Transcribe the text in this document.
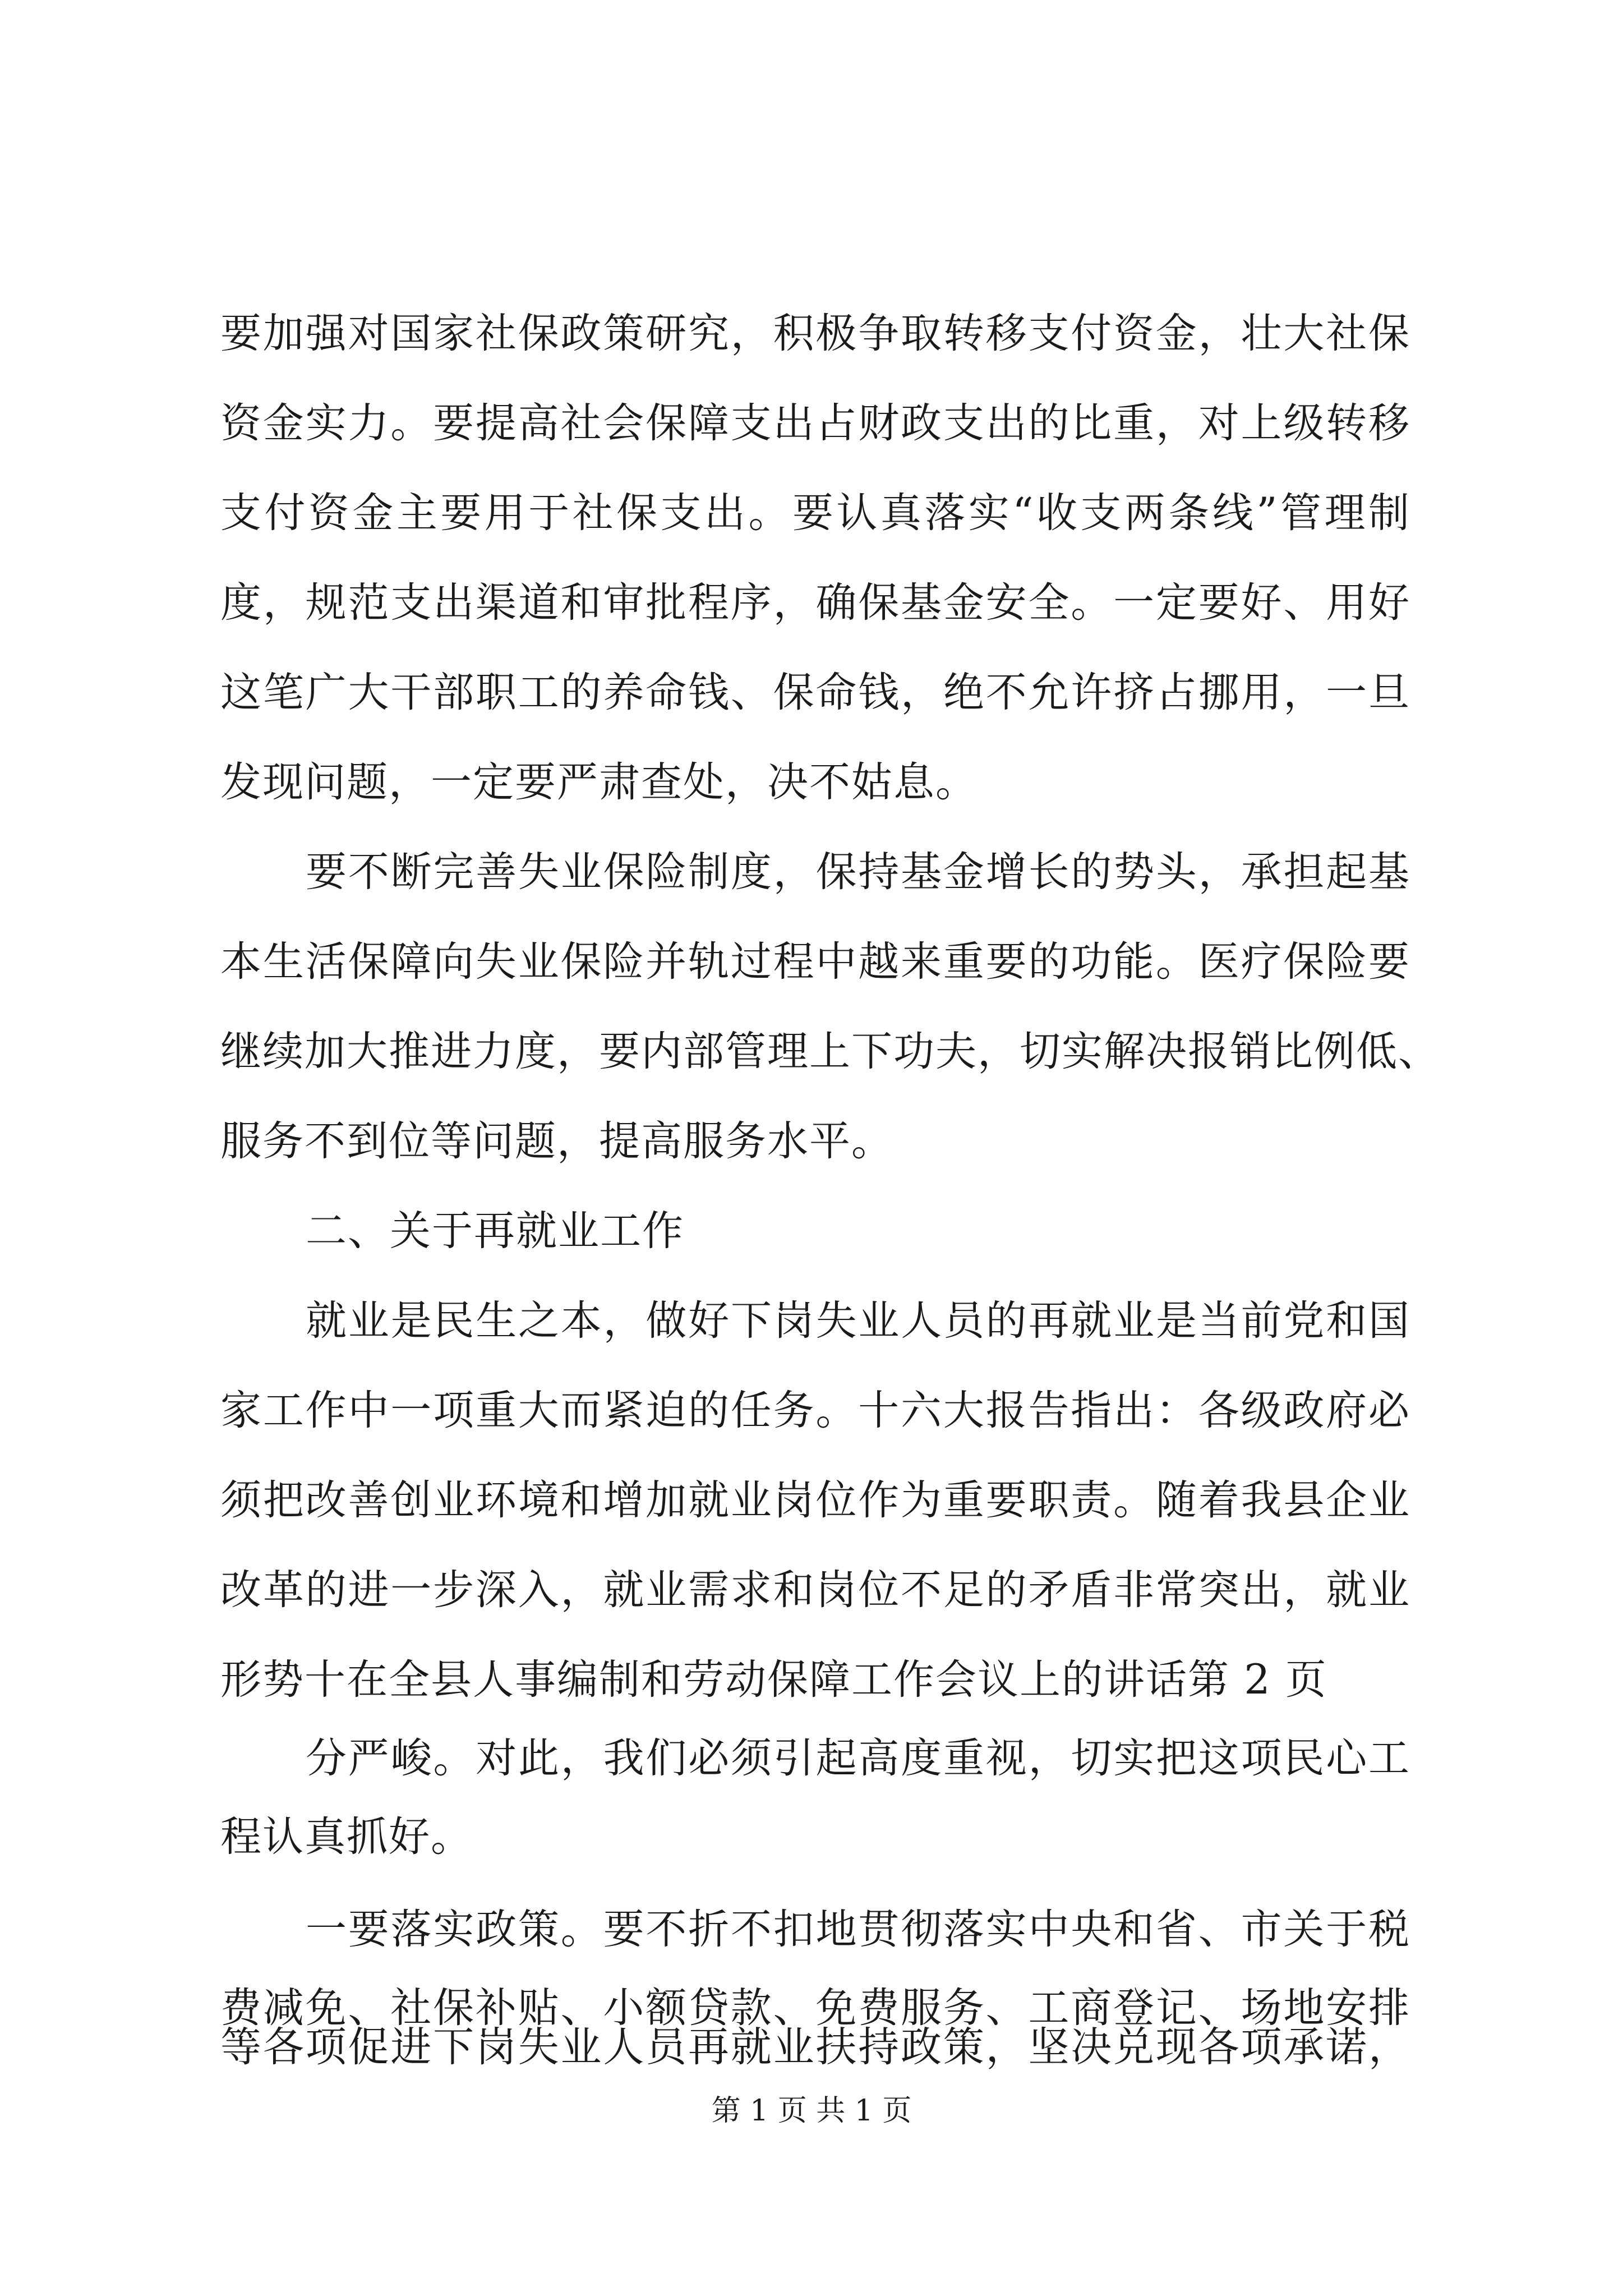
要加强对国家社保政策研究，积极争取转移支付资金，壮大社保
资金实力。要提高社会保障支出占财政支出的比重，对上级转移
支付资金主要用于社保支出。要认真落实“收支两条线”管理制
度，规范支出渠道和审批程序，确保基金安全。一定要好、用好
这笔广大干部职工的养命钱、保命钱，绝不允许挤占挪用，一旦
发现问题，一定要严肃查处，决不姑息。
要不断完善失业保险制度，保持基金增长的势头，承担起基
本生活保障向失业保险并轨过程中越来重要的功能。医疗保险要
继续加大推进力度，要内部管理上下功夫，切实解决报销比例低、
服务不到位等问题，提高服务水平。
二、关于再就业工作
就业是民生之本，做好下岗失业人员的再就业是当前党和国
家工作中一项重大而紧迫的任务。十六大报告指出：各级政府必
须把改善创业环境和增加就业岗位作为重要职责。随着我县企业
改革的进一步深入，就业需求和岗位不足的矛盾非常突出，就业
形势十在全县人事编制和劳动保障工作会议上的讲话第 2 页
分严峻。对此，我们必须引起高度重视，切实把这项民心工
程认真抓好。
一要落实政策。要不折不扣地贯彻落实中央和省、市关于税
费减免、社保补贴、小额贷款、免费服务、工商登记、场地安排
第 1 页 共 1 页
等各项促进下岗失业人员再就业扶持政策，坚决兑现各项承诺，
